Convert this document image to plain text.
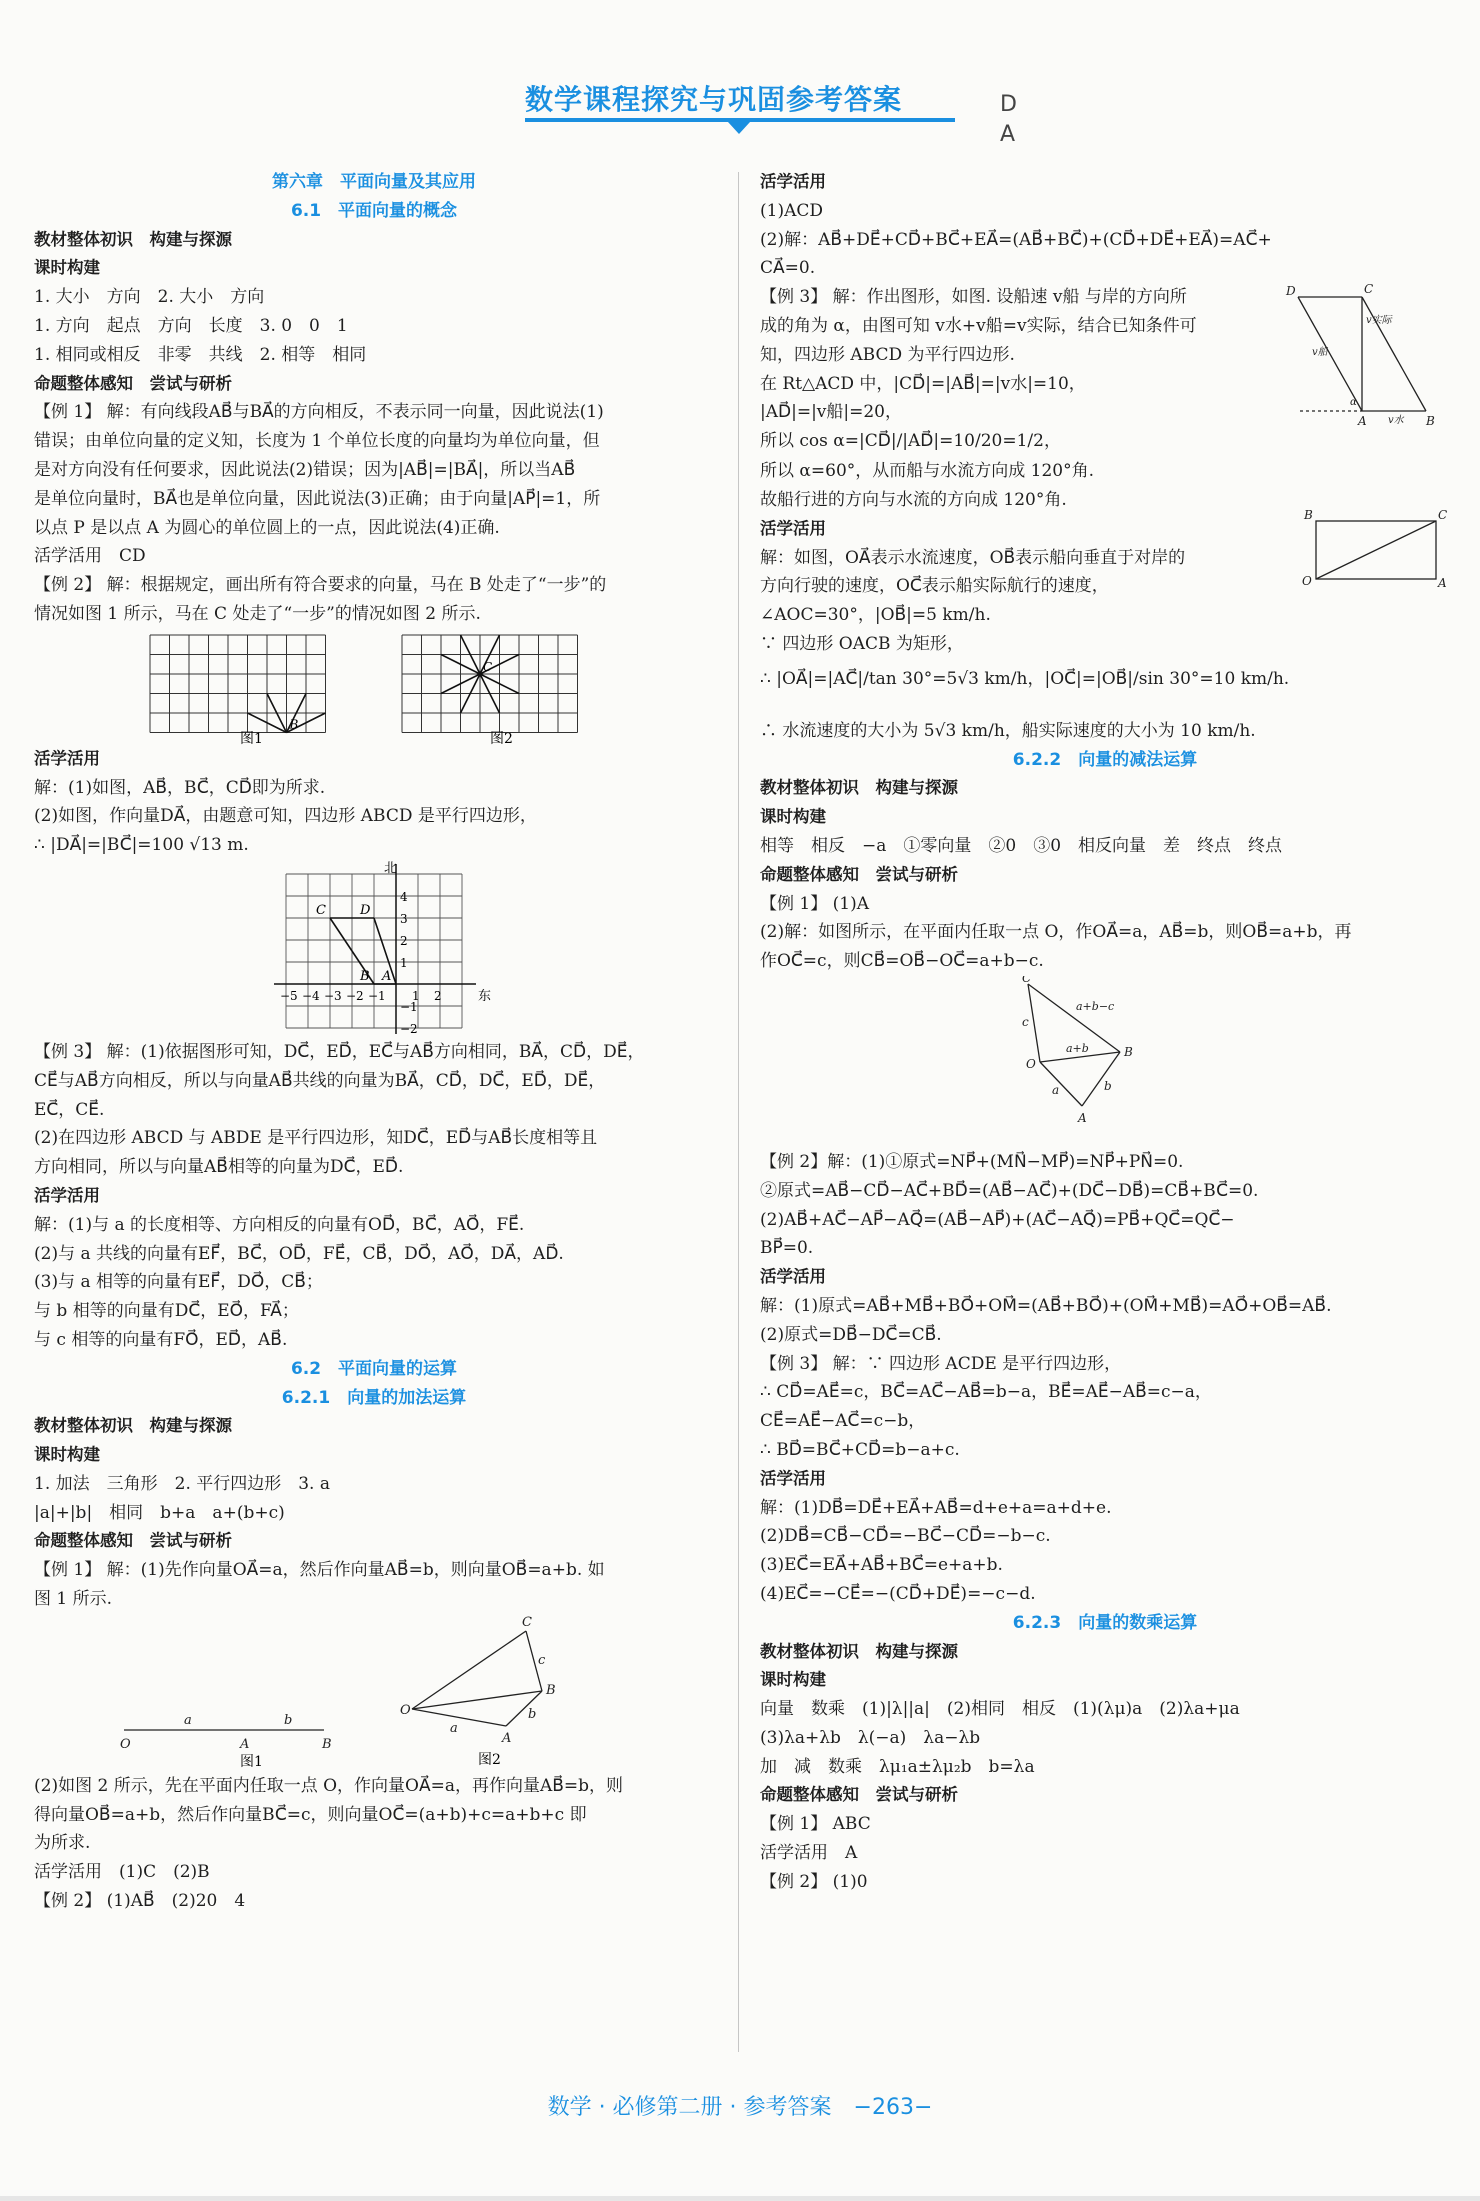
数学课程探究与巩固参考答案	D
A
第六章　平面向量及其应用
6.1　平面向量的概念
教材整体初识　构建与探源
课时构建
1. 大小　方向　2. 大小　方向
1. 方向　起点　方向　长度　3. 0　0　1
1. 相同或相反　非零　共线　2. 相等　相同
命题整体感知　尝试与研析
【例 1】 解：有向线段AB⃗与BA⃗的方向相反，不表示同一向量，因此说法(1)
错误；由单位向量的定义知，长度为 1 个单位长度的向量均为单位向量，但
是对方向没有任何要求，因此说法(2)错误；因为|AB⃗|=|BA⃗|，所以当AB⃗
是单位向量时，BA⃗也是单位向量，因此说法(3)正确；由于向量|AP⃗|=1，所
以点 P 是以点 A 为圆心的单位圆上的一点，因此说法(4)正确.
活学活用　CD
【例 2】 解：根据规定，画出所有符合要求的向量，马在 B 处走了“一步”的
情况如图 1 所示，马在 C 处走了“一步”的情况如图 2 所示.
B
C
图1	图2
活学活用
解：(1)如图，AB⃗，BC⃗，CD⃗即为所求.
(2)如图，作向量DA⃗，由题意可知，四边形 ABCD 是平行四边形，
∴ |DA⃗|=|BC⃗|=100 √13 m.
北
东
−5 −4 −3 −2 −1 1 2
4
3
2
1
−1
−2
C	D
B A
【例 3】 解：(1)依据图形可知，DC⃗，ED⃗，EC⃗与AB⃗方向相同，BA⃗，CD⃗，DE⃗，
CE⃗与AB⃗方向相反，所以与向量AB⃗共线的向量为BA⃗，CD⃗，DC⃗，ED⃗，DE⃗，
EC⃗，CE⃗.
(2)在四边形 ABCD 与 ABDE 是平行四边形，知DC⃗，ED⃗与AB⃗长度相等且
方向相同，所以与向量AB⃗相等的向量为DC⃗，ED⃗.
活学活用
解：(1)与 a 的长度相等、方向相反的向量有OD⃗，BC⃗，AO⃗，FE⃗.
(2)与 a 共线的向量有EF⃗，BC⃗，OD⃗，FE⃗，CB⃗，DO⃗，AO⃗，DA⃗，AD⃗.
(3)与 a 相等的向量有EF⃗，DO⃗，CB⃗；
与 b 相等的向量有DC⃗，EO⃗，FA⃗；
与 c 相等的向量有FO⃗，ED⃗，AB⃗.
6.2　平面向量的运算
6.2.1　向量的加法运算
教材整体初识　构建与探源
课时构建
1. 加法　三角形　2. 平行四边形　3. a
|a|+|b|　相同　b+a　a+(b+c)
命题整体感知　尝试与研析
【例 1】 解：(1)先作向量OA⃗=a，然后作向量AB⃗=b，则向量OB⃗=a+b. 如
图 1 所示.
O	A	B
a	b
O
A
B
C
a
b
c
图1	图2
(2)如图 2 所示，先在平面内任取一点 O，作向量OA⃗=a，再作向量AB⃗=b，则
得向量OB⃗=a+b，然后作向量BC⃗=c，则向量OC⃗=(a+b)+c=a+b+c 即
为所求.
活学活用　(1)C　(2)B
【例 2】 (1)AB⃗　(2)20　4
活学活用
(1)ACD
(2)解：AB⃗+DE⃗+CD⃗+BC⃗+EA⃗=(AB⃗+BC⃗)+(CD⃗+DE⃗+EA⃗)=AC⃗+
CA⃗=0.
【例 3】 解：作出图形，如图. 设船速 v船 与岸的方向所
成的角为 α，由图可知 v水+v船=v实际，结合已知条件可
知，四边形 ABCD 为平行四边形.
在 Rt△ACD 中，|CD⃗|=|AB⃗|=|v水|=10，
|AD⃗|=|v船|=20，
所以 cos α=|CD⃗|/|AD⃗|=10/20=1/2，
D	C
A	B
v实际
v船
v水
α
所以 α=60°，从而船与水流方向成 120°角.
故船行进的方向与水流的方向成 120°角.
活学活用
解：如图，OA⃗表示水流速度，OB⃗表示船向垂直于对岸的
方向行驶的速度，OC⃗表示船实际航行的速度，
∠AOC=30°，|OB⃗|=5 km/h.
∵ 四边形 OACB 为矩形，
∴ |OA⃗|=|AC⃗|/tan 30°=5√3 km/h，|OC⃗|=|OB⃗|/sin 30°=10 km/h.
B	C
O	A
∴ 水流速度的大小为 5√3 km/h，船实际速度的大小为 10 km/h.
6.2.2　向量的减法运算
教材整体初识　构建与探源
课时构建
相等　相反　−a　①零向量　②0　③0　相反向量　差　终点　终点
命题整体感知　尝试与研析
【例 1】 (1)A
(2)解：如图所示，在平面内任取一点 O，作OA⃗=a，AB⃗=b，则OB⃗=a+b，再
作OC⃗=c，则CB⃗=OB⃗−OC⃗=a+b−c.
C
O
A
B
a+b−c
a+b
c
a	b
【例 2】解：(1)①原式=NP⃗+(MN⃗−MP⃗)=NP⃗+PN⃗=0.
②原式=AB⃗−CD⃗−AC⃗+BD⃗=(AB⃗−AC⃗)+(DC⃗−DB⃗)=CB⃗+BC⃗=0.
(2)AB⃗+AC⃗−AP⃗−AQ⃗=(AB⃗−AP⃗)+(AC⃗−AQ⃗)=PB⃗+QC⃗=QC⃗−
BP⃗=0.
活学活用
解：(1)原式=AB⃗+MB⃗+BO⃗+OM⃗=(AB⃗+BO⃗)+(OM⃗+MB⃗)=AO⃗+OB⃗=AB⃗.
(2)原式=DB⃗−DC⃗=CB⃗.
【例 3】 解：∵ 四边形 ACDE 是平行四边形，
∴ CD⃗=AE⃗=c，BC⃗=AC⃗−AB⃗=b−a，BE⃗=AE⃗−AB⃗=c−a，
CE⃗=AE⃗−AC⃗=c−b，
∴ BD⃗=BC⃗+CD⃗=b−a+c.
活学活用
解：(1)DB⃗=DE⃗+EA⃗+AB⃗=d+e+a=a+d+e.
(2)DB⃗=CB⃗−CD⃗=−BC⃗−CD⃗=−b−c.
(3)EC⃗=EA⃗+AB⃗+BC⃗=e+a+b.
(4)EC⃗=−CE⃗=−(CD⃗+DE⃗)=−c−d.
6.2.3　向量的数乘运算
教材整体初识　构建与探源
课时构建
向量　数乘　(1)|λ||a|　(2)相同　相反　(1)(λμ)a　(2)λa+μa
(3)λa+λb　λ(−a)　λa−λb
加　减　数乘　λμ₁a±λμ₂b　b=λa
命题整体感知　尝试与研析
【例 1】 ABC
活学活用　A
【例 2】 (1)0
数学 · 必修第二册 · 参考答案　−263−
